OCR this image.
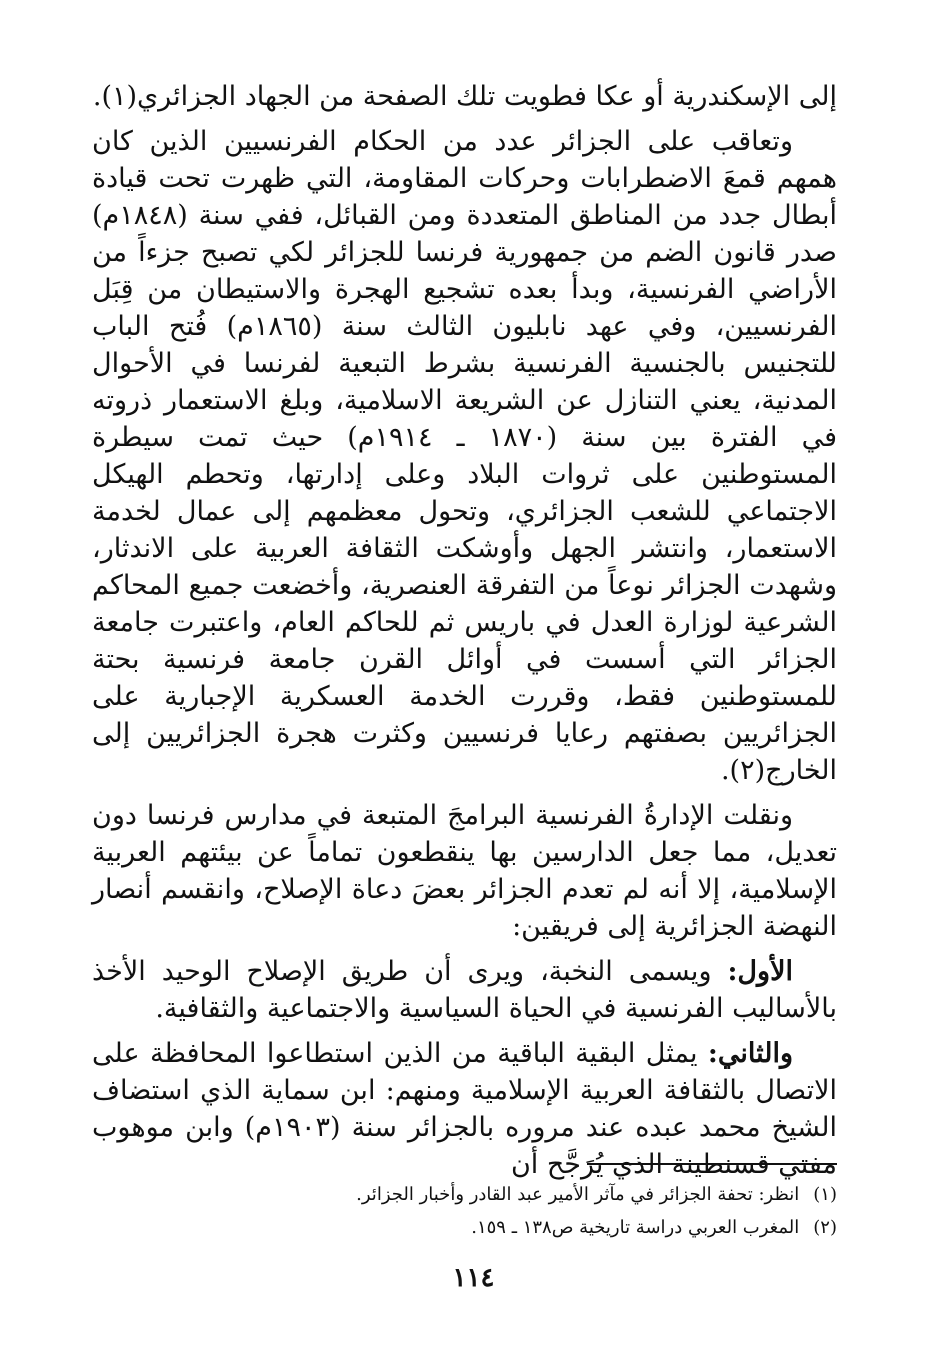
إلى الإسكندرية أو عكا فطويت تلك الصفحة من الجهاد الجزائري(١).

وتعاقب على الجزائر عدد من الحكام الفرنسيين الذين كان همهم قمعَ الاضطرابات وحركات المقاومة، التي ظهرت تحت قيادة أبطال جدد من المناطق المتعددة ومن القبائل، ففي سنة (١٨٤٨م) صدر قانون الضم من جمهورية فرنسا للجزائر لكي تصبح جزءاً من الأراضي الفرنسية، وبدأ بعده تشجيع الهجرة والاستيطان من قِبَل الفرنسيين، وفي عهد نابليون الثالث سنة (١٨٦٥م) فُتح الباب للتجنيس بالجنسية الفرنسية بشرط التبعية لفرنسا في الأحوال المدنية، يعني التنازل عن الشريعة الاسلامية، وبلغ الاستعمار ذروته في الفترة بين سنة (١٨٧٠ ـ ١٩١٤م) حيث تمت سيطرة المستوطنين على ثروات البلاد وعلى إدارتها، وتحطم الهيكل الاجتماعي للشعب الجزائري، وتحول معظمهم إلى عمال لخدمة الاستعمار، وانتشر الجهل وأوشكت الثقافة العربية على الاندثار، وشهدت الجزائر نوعاً من التفرقة العنصرية، وأخضعت جميع المحاكم الشرعية لوزارة العدل في باريس ثم للحاكم العام، واعتبرت جامعة الجزائر التي أسست في أوائل القرن جامعة فرنسية بحتة للمستوطنين فقط، وقررت الخدمة العسكرية الإجبارية على الجزائريين بصفتهم رعايا فرنسيين وكثرت هجرة الجزائريين إلى الخارج(٢).

ونقلت الإدارةُ الفرنسية البرامجَ المتبعة في مدارس فرنسا دون تعديل، مما جعل الدارسين بها ينقطعون تماماً عن بيئتهم العربية الإسلامية، إلا أنه لم تعدم الجزائر بعضَ دعاة الإصلاح، وانقسم أنصار النهضة الجزائرية إلى فريقين:

الأول: ويسمى النخبة، ويرى أن طريق الإصلاح الوحيد الأخذ بالأساليب الفرنسية في الحياة السياسية والاجتماعية والثقافية.

والثاني: يمثل البقية الباقية من الذين استطاعوا المحافظة على الاتصال بالثقافة العربية الإسلامية ومنهم: ابن سماية الذي استضاف الشيخ محمد عبده عند مروره بالجزائر سنة (١٩٠٣م) وابن موهوب مفتي قسنطينة الذي يُرَجَّح أن

(١)انظر: تحفة الجزائر في مآثر الأمير عبد القادر وأخبار الجزائر.

(٢)المغرب العربي دراسة تاريخية ص١٣٨ ـ ١٥٩.

١١٤
